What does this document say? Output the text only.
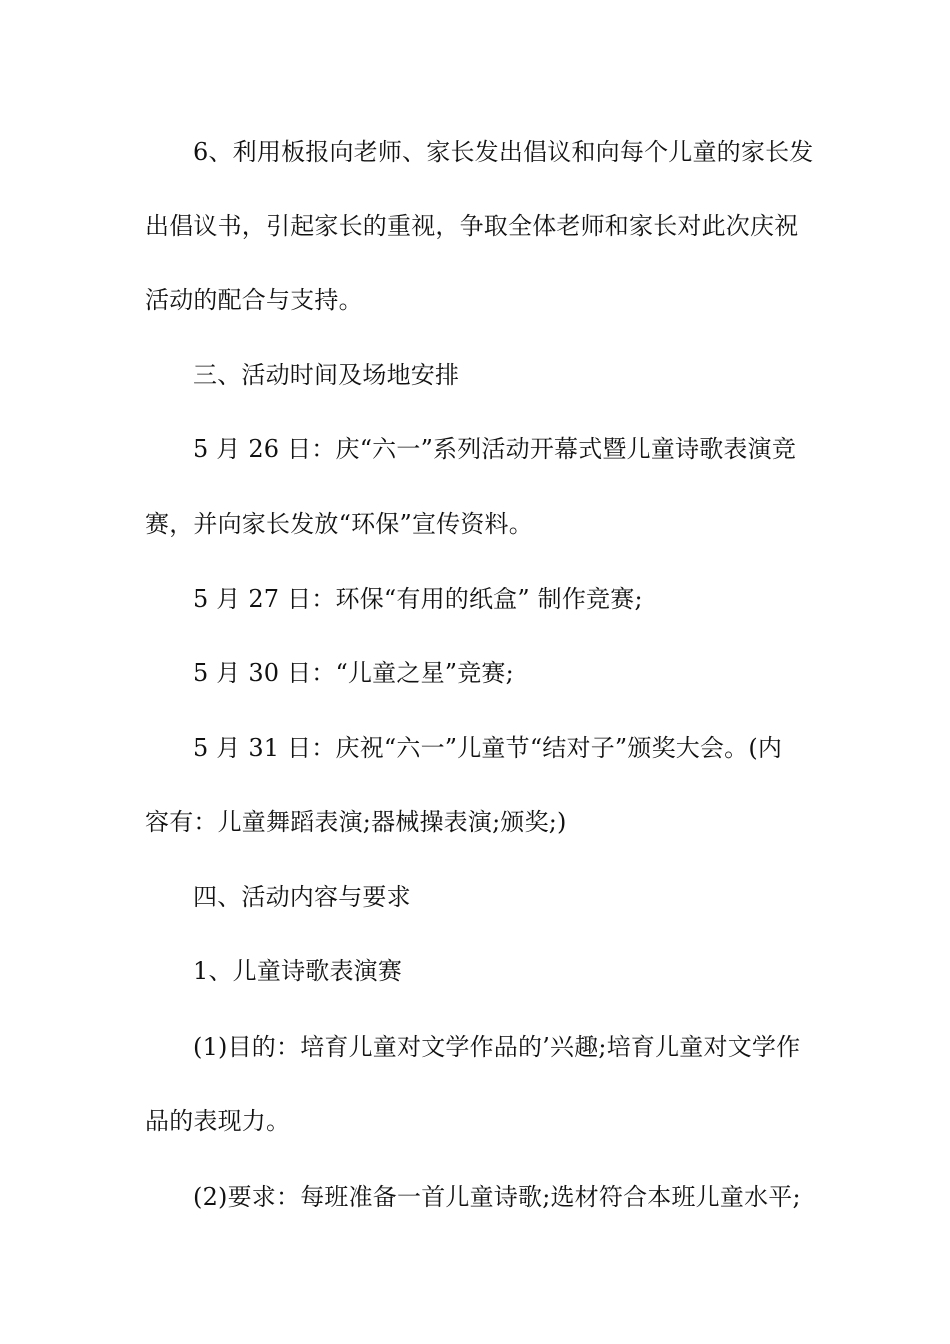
6、利用板报向老师、家长发出倡议和向每个儿童的家长发
出倡议书，引起家长的重视，争取全体老师和家长对此次庆祝
活动的配合与支持。
三、活动时间及场地安排
5 月 26 日：庆“六一”系列活动开幕式暨儿童诗歌表演竞
赛，并向家长发放“环保”宣传资料。
5 月 27 日：环保“有用的纸盒” 制作竞赛;
5 月 30 日：“儿童之星”竞赛;
5 月 31 日：庆祝“六一”儿童节“结对子”颁奖大会。(内
容有：儿童舞蹈表演;器械操表演;颁奖;)
四、活动内容与要求
1、儿童诗歌表演赛
(1)目的：培育儿童对文学作品的’兴趣;培育儿童对文学作
品的表现力。
(2)要求：每班准备一首儿童诗歌;选材符合本班儿童水平;
